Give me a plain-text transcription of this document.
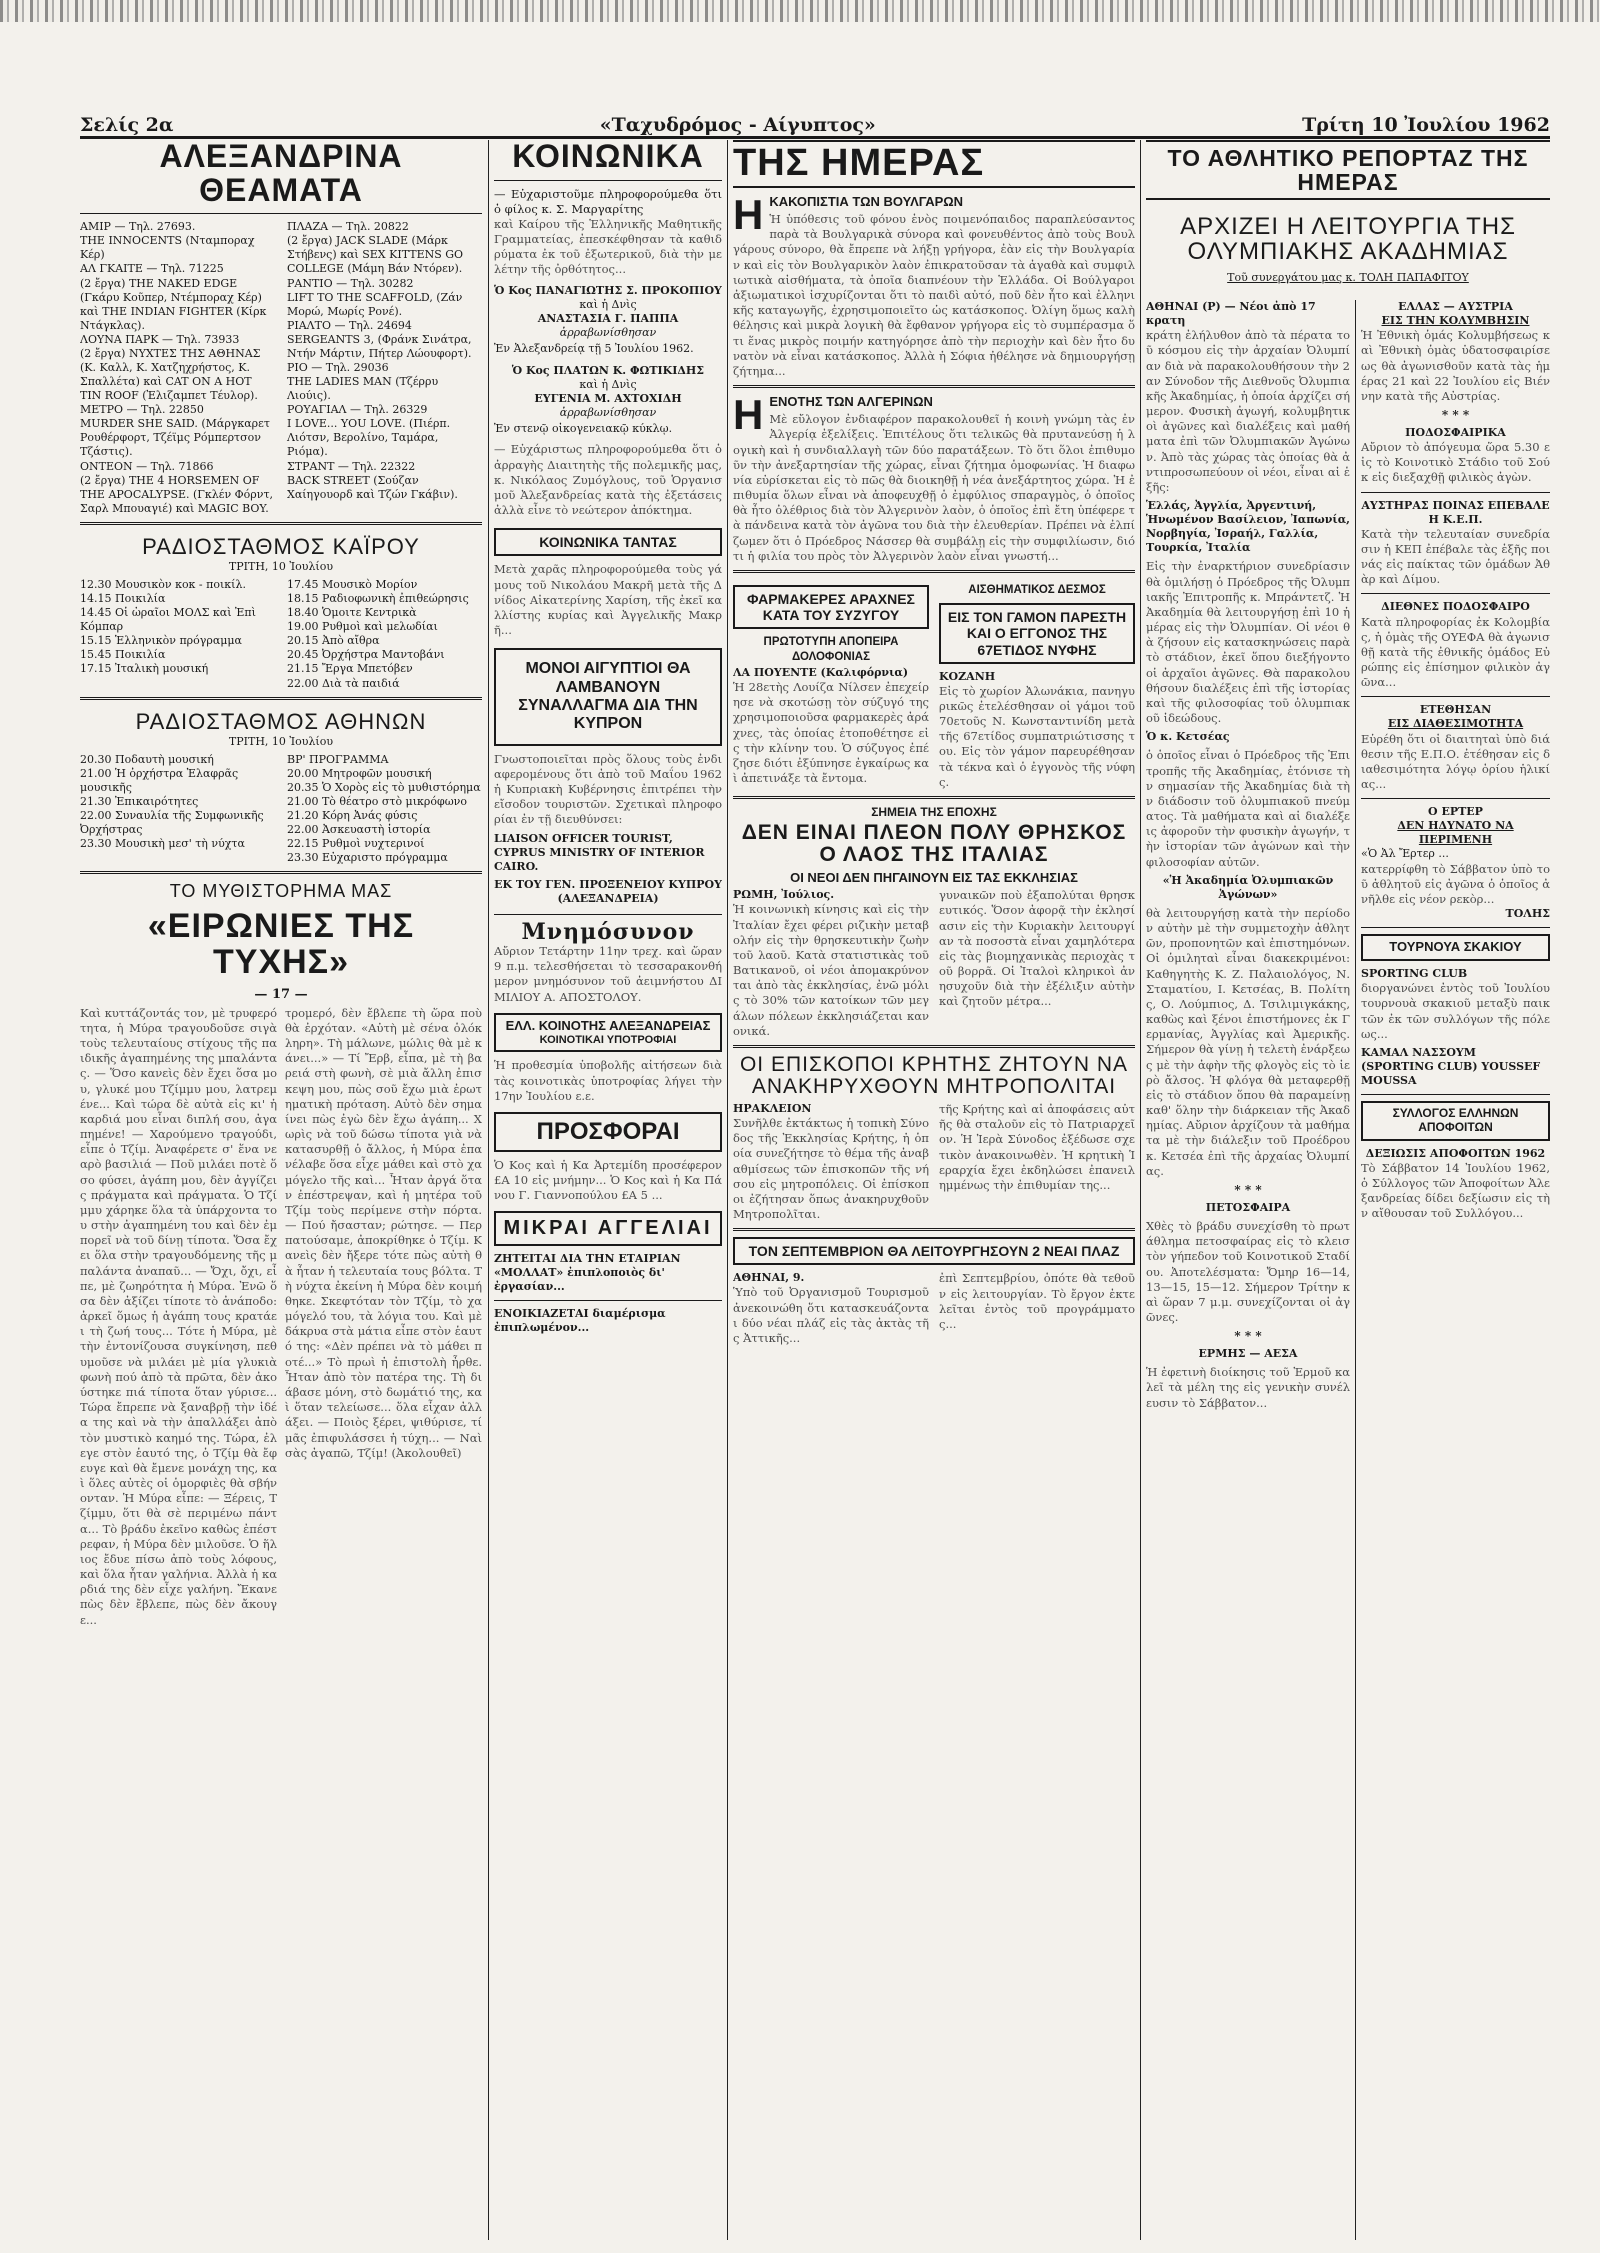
Σελίς 2α	«Ταχυδρόμος - Αίγυπτος»	Τρίτη 10 Ἰουλίου 1962
ΑΛΕΞΑΝΔΡΙΝΑ ΘΕΑΜΑΤΑ
ΑΜΙΡ — Τηλ. 27693.
THE INNOCENTS (Νταμποραχ Κέρ)
ΑΛ ΓΚΑΙΤΕ — Τηλ. 71225
(2 ἔργα) THE NAKED EDGE
(Γκάρυ Κοῦπερ, Ντέμποραχ Κέρ)
καὶ THE INDIAN FIGHTER (Κίρκ Ντάγκλας).
ΛΟΥΝΑ ΠΑΡΚ — Τηλ. 73933
(2 ἔργα) ΝΥΧΤΕΣ ΤΗΣ ΑΘΗΝΑΣ
(Κ. Καλλ, Κ. Χατζηχρήστος, Κ. Σπαλλέτα) καὶ CAT ON A HOT
TIN ROOF (Ἐλιζαμπετ Τέυλορ).
ΜΕΤΡΟ — Τηλ. 22850
MURDER SHE SAID. (Μάργκαρετ Ρουθέρφορτ, Τζέϊμς Ρόμπερτσον Τζάστις).
ΟΝΤΕΟΝ — Τηλ. 71866
(2 ἔργα) THE 4 HORSEMEN OF THE APOCALYPSE. (Γκλέν Φόρντ, Σαρλ Μπουαγιέ) καὶ MAGIC BOY.
ΠΛΑΖΑ — Τηλ. 20822
(2 ἔργα) JACK SLADE (Μάρκ Στήβενς) καὶ SEX KITTENS GO
COLLEGE (Μάμη Βάν Ντόρεν).
ΡΑΝΤΙΟ — Τηλ. 30282
LIFT TO THE SCAFFOLD, (Ζάν Μορώ, Μωρίς Ρονέ).
ΡΙΑΛΤΟ — Τηλ. 24694
SERGEANTS 3, (Φράνκ Σινάτρα, Ντήν Μάρτιν, Πήτερ Λώουφορτ).
ΡΙΟ — Τηλ. 29036
THE LADIES MAN (Τζέρρυ Λιούις).
ΡΟΥΑΓΙΑΛ — Τηλ. 26329
I LOVE... YOU LOVE. (Πιέρπ. Λιότσν, Βερολίνο, Ταμάρα, Ριόμα).
ΣΤΡΑΝΤ — Τηλ. 22322
BACK STREET (Σούζαν Χαίηγουορδ καὶ Τζών Γκάβιν).
ΡΑΔΙΟΣΤΑΘΜΟΣ ΚΑΪΡΟΥ
ΤΡΙΤΗ, 10 Ἰουλίου
12.30 Μουσικὸν κοκ - ποικίλ.
14.15 Ποικιλία
14.45 Οἱ ὡραῖοι ΜΟΛΣ καὶ Ἐπὶ Κόμπαρ
15.15 Ἑλληνικὸν πρόγραμμα
15.45 Ποικιλία
17.15 Ἰταλικὴ μουσική
17.45 Μουσικὸ Μορίον
18.15 Ραδιοφωνικὴ ἐπιθεώρησις
18.40 Ὁμοιτε Κεντρικὰ
19.00 Ρυθμοὶ καὶ μελωδίαι
20.15 Ἀπὸ αἴθρα
20.45 Ὀρχήστρα Μαντοβάνι
21.15 Ἔργα Μπετόβεν
22.00 Διὰ τὰ παιδιά
ΡΑΔΙΟΣΤΑΘΜΟΣ ΑΘΗΝΩΝ
ΤΡΙΤΗ, 10 Ἰουλίου
20.30 Ποδαυτὴ μουσική
21.00 Ἡ ὀρχήστρα Ἑλαφρᾶς μουσικῆς
21.30 Ἐπικαιρότητες
22.00 Συναυλία τῆς Συμφωνικῆς Ὀρχήστρας
23.30 Μουσικὴ μεσ' τὴ νύχτα
ΒΡ' ΠΡΟΓΡΑΜΜΑ
20.00 Μητροφῶν μουσική
20.35 Ὁ Χορὸς εἰς τὸ μυθιστόρημα
21.00 Τὸ θέατρο στὸ μικρόφωνο
21.20 Κόρη Ἀνάς φύσις
22.00 Ἀσκευαστὴ ἱστορία
22.15 Ρυθμοὶ νυχτερινοί
23.30 Εὐχαριστο πρόγραμμα
ΤΟ ΜΥΘΙΣΤΟΡΗΜΑ ΜΑΣ
«ΕΙΡΩΝΙΕΣ ΤΗΣ ΤΥΧΗΣ»
— 17 —
Καὶ κυττάζοντάς τον, μὲ τρυφερότητα, ἡ Μύρα τραγουδοῦσε σιγὰ τοὺς τελευταίους στίχους τῆς παιδικῆς ἀγαπημένης της μπαλάντας. — Ὅσο κανεὶς δὲν ἔχει ὅσα μου, γλυκέ μου Τζίμμυ μου, λατρεμένε... Καὶ τώρα δὲ αὐτὰ εἰς κι' ἡ καρδιά μου εἶναι διπλή σου, ἀγαπημένε! — Χαρούμενο τραγούδι, εἶπε ὁ Τζίμ. Ἀναφέρετε σ' ἕνα νεαρὸ βασιλιά — Ποῦ μιλάει ποτὲ ὅσο φύσει, ἀγάπη μου, δὲν ἀγγίζεις πράγματα καὶ πράγματα. Ὁ Τζίμμυ χάρηκε ὅλα τὰ ὑπάρχοντα του στὴν ἀγαπημένη του καὶ δὲν ἐμπορεῖ νὰ τοῦ δίνῃ τίποτα. Ὅσα ἔχει ὅλα στὴν τραγουδόμενης τῆς μπαλάντα ἀναπαῦ... — Ὄχι, ὄχι, εἶπε, μὲ ζωηρότητα ἡ Μύρα. Ἐνῶ ὅσα δὲν ἀξίζει τίποτε τὸ ἀνάποδο: ἀρκεῖ ὅμως ἡ ἀγάπη τους κρατάει τὴ ζωή τους... Τότε ἡ Μύρα, μὲ τὴν ἐντονίζουσα συγκίνηση, πεθυμοῦσε νὰ μιλάει μὲ μία γλυκιὰ φωνὴ πού ἀπὸ τὰ πρῶτα, δὲν ἀκούστηκε πιά τίποτα ὅταν γύρισε... Τώρα ἔπρεπε νὰ ξαναβρῇ τὴν ἰδέα της καὶ νὰ τὴν ἀπαλλάξει ἀπὸ τὸν μυστικὸ καημό της. Τώρα, ἐλεγε στὸν ἑαυτό της, ὁ Τζίμ θὰ ἔφευγε καὶ θὰ ἔμενε μονάχη της, καὶ ὅλες αὐτὲς οἱ ὁμορφιὲς θὰ σβήνονταν. Ἡ Μύρα εἶπε: — Ξέρεις, Τζίμμυ, ὅτι θὰ σὲ περιμένω πάντα... Τὸ βράδυ ἐκεῖνο καθὼς ἐπέστρεφαν, ἡ Μύρα δὲν μιλοῦσε. Ὁ ἥλιος ἔδυε πίσω ἀπὸ τοὺς λόφους, καὶ ὅλα ἦταν γαλήνια. Ἀλλὰ ἡ καρδιά της δὲν εἶχε γαλήνη. Ἔκανε πὼς δὲν ἔβλεπε, πὼς δὲν ἄκουγε...
τρομερό, δὲν ἔβλεπε τὴ ὥρα ποὺ θὰ ἐρχόταν. «Αὐτὴ μὲ σένα ὁλόκληρη». Τὴ μάλωνε, μώλις θὰ μὲ κάνει...» — Τί Ἔρβ, εἶπα, μὲ τὴ βαρειά στὴ φωνὴ, σὲ μιὰ ἄλλη ἐπισκεψη μου, πὼς σοῦ ἔχω μιὰ ἐρωτηματικὴ πρόταση. Αὐτὸ δὲν σημαίνει πὼς ἐγὼ δὲν ἔχω ἀγάπη... Χωρὶς νὰ τοῦ δώσω τίποτα γιὰ νὰ κατασυρθῇ ὁ ἄλλος, ἡ Μύρα ἐπανέλαβε ὅσα εἶχε μάθει καὶ στὸ χαμόγελο τῆς καὶ... Ἦταν ἀργά ὅταν ἐπέστρεψαν, καὶ ἡ μητέρα τοῦ Τζίμ τοὺς περίμενε στὴν πόρτα. — Πού ἤσασταν; ρώτησε. — Περπατούσαμε, ἀποκρίθηκε ὁ Τζίμ. Κανεὶς δὲν ἤξερε τότε πὼς αὐτὴ θὰ ἦταν ἡ τελευταία τους βόλτα. Τὴ νύχτα ἐκείνη ἡ Μύρα δὲν κοιμήθηκε. Σκεφτόταν τὸν Τζίμ, τὸ χαμόγελό του, τὰ λόγια του. Καὶ μὲ δάκρυα στὰ μάτια εἶπε στὸν ἑαυτό της: «Δὲν πρέπει νὰ τὸ μάθει ποτέ...» Τὸ πρωὶ ἡ ἐπιστολὴ ἦρθε. Ἦταν ἀπὸ τὸν πατέρα της. Τὴ διάβασε μόνη, στὸ δωμάτιό της, καὶ ὅταν τελείωσε... ὅλα εἶχαν ἀλλάξει. — Ποιὸς ξέρει, ψιθύρισε, τί μᾶς ἐπιφυλάσσει ἡ τύχη... — Ναὶ σὰς ἀγαπῶ, Τζίμ! (Ἀκολουθεῖ)
ΚΟΙΝΩΝΙΚΑ
— Εὐχαριστοῦμε πληροφορούμεθα ὅτι ὁ φίλος κ. Σ. Μαργαρίτης
καὶ Καίρου τῆς Ἑλληνικῆς Μαθητικῆς Γραμματείας, ἐπεσκέφθησαν τὰ καθιδρύματα ἐκ τοῦ ἐξωτερικοῦ, διὰ τὴν μελέτην τῆς ὀρθότητος...
Ὁ Κος ΠΑΝΑΓΙΩΤΗΣ Σ. ΠΡΟΚΟΠΙΟΥ
καὶ ἡ Δνὶς
ΑΝΑΣΤΑΣΙΑ Γ. ΠΑΠΠΑ
ἀρραβωνίσθησαν
Ἐν Ἀλεξανδρείᾳ τῇ 5 Ἰουλίου 1962.
Ὁ Κος ΠΛΑΤΩΝ Κ. ΦΩΤΙΚΙΔΗΣ
καὶ ἡ Δνὶς
ΕΥΓΕΝΙΑ Μ. ΑΧΤΟΧΙΔΗ
ἀρραβωνίσθησαν
Ἐν στενῷ οἰκογενειακῷ κύκλῳ.
— Εὐχάριστως πληροφορούμεθα ὅτι ὁ ἀρραγὴς Διαιτητὴς τῆς πολεμικῆς μας, κ. Νικόλαος Ζυμόγλους, τοῦ Ὁργανισμοῦ Ἀλεξανδρείας κατὰ τὴς ἐξετάσεις ἀλλὰ εἶνε τὸ νεώτερον ἀπόκτημα.
ΚΟΙΝΩΝΙΚΑ ΤΑΝΤΑΣ
Μετὰ χαρᾶς πληροφορούμεθα τοὺς γάμους τοῦ Νικολάου Μακρῆ μετὰ τῆς Δνίδος Αἰκατερίνης Χαρίση, τῆς ἐκεῖ καλλίστης κυρίας καὶ Ἀγγελικῆς Μακρῆ...
ΜΟΝΟΙ ΑΙΓΥΠΤΙΟΙ ΘΑ ΛΑΜΒΑΝΟΥΝ ΣΥΝΑΛΛΑΓΜΑ ΔΙΑ ΤΗΝ ΚΥΠΡΟΝ
Γνωστοποιεῖται πρὸς ὅλους τοὺς ἐνδιαφερομένους ὅτι ἀπὸ τοῦ Μαΐου 1962 ἡ Κυπριακὴ Κυβέρνησις ἐπιτρέπει τὴν εἴσοδον τουριστῶν. Σχετικαὶ πληροφορίαι ἐν τῇ διευθύνσει:
LIAISON OFFICER TOURIST, CYPRUS MINISTRY OF INTERIOR CAIRO.
ΕΚ ΤΟΥ ΓΕΝ. ΠΡΟΞΕΝΕΙΟΥ ΚΥΠΡΟΥ (ΑΛΕΞΑΝΔΡΕΙΑ)
Μνημόσυνον
Αὔριον Τετάρτην 11ην τρεχ. καὶ ὥραν 9 π.μ. τελεσθήσεται τὸ τεσσαρακονθήμερον μνημόσυνον τοῦ ἀειμνήστου ΔΙΜΙΛΙΟΥ Α. ΑΠΟΣΤΟΛΟΥ.
ΕΛΛ. ΚΟΙΝΟΤΗΣ ΑΛΕΞΑΝΔΡΕΙΑΣ
ΚΟΙΝΟΤΙΚΑΙ ΥΠΟΤΡΟΦΙΑΙ
Ἡ προθεσμία ὑποβολῆς αἰτήσεων διὰ τὰς κοινοτικὰς ὑποτροφίας λήγει τὴν 17ην Ἰουλίου ε.ε.
ΠΡΟΣΦΟΡΑΙ
Ὁ Κος καὶ ἡ Κα Ἀρτεμίδη προσέφερον £Α 10 εἰς μνήμην... Ὁ Κος καὶ ἡ Κα Πάνου Γ. Γιαννοπούλου £Α 5 ...
ΜΙΚΡΑΙ ΑΓΓΕΛΙΑΙ
ΖΗΤΕΙΤΑΙ ΔΙΑ ΤΗΝ ΕΤΑΙΡΙΑΝ «ΜΟΛΛΑΤ» ἐπιπλοποιὸς δι' ἐργασίαν...
ΕΝΟΙΚΙΑΖΕΤΑΙ διαμέρισμα ἐπιπλωμένον...
ΤΗΣ ΗΜΕΡΑΣ
Η ΚΑΚΟΠΙΣΤΙΑ ΤΩΝ ΒΟΥΛΓΑΡΩΝ
Ἡ ὑπόθεσις τοῦ φόνου ἑνὸς ποιμενόπαιδος παραπλεύσαντος παρὰ τὰ Βουλγαρικὰ σύνορα καὶ φονευθέντος ἀπὸ τοὺς Βουλγάρους σύνορο, θὰ ἔπρεπε νὰ λήξῃ γρήγορα, ἐὰν εἰς τὴν Βουλγαρίαν καὶ εἰς τὸν Βουλγαρικὸν λαὸν ἐπικρατοῦσαν τὰ ἀγαθὰ καὶ συμφιλιωτικὰ αἰσθήματα, τὰ ὁποῖα διαπνέουν τὴν Ἑλλάδα. Οἱ Βούλγαροι ἀξιωματικοὶ ἰσχυρίζονται ὅτι τὸ παιδὶ αὐτό, ποῦ δὲν ἦτο καὶ ἑλληνικῆς καταγωγῆς, ἐχρησιμοποιεῖτο ὡς κατάσκοπος. Ὀλίγη ὅμως καλὴ θέλησις καὶ μικρὰ λογικὴ θὰ ἔφθανον γρήγορα εἰς τὸ συμπέρασμα ὅτι ἕνας μικρὸς ποιμήν κατηγόρησε ἀπὸ τὴν περιοχὴν καὶ δὲν ἦτο δυνατὸν νὰ εἶναι κατάσκοπος. Ἀλλὰ ἡ Σόφια ἠθέλησε νὰ δημιουργήσῃ ζήτημα...
Η ΕΝΟΤΗΣ ΤΩΝ ΑΛΓΕΡΙΝΩΝ
Μὲ εὔλογον ἐνδιαφέρον παρακολουθεῖ ἡ κοινὴ γνώμη τὰς ἐν Ἀλγερίᾳ ἐξελίξεις. Ἐπιτέλους ὅτι τελικῶς θὰ πρυτανεύσῃ ἡ λογικὴ καὶ ἡ συνδιαλλαγὴ τῶν δύο παρατάξεων. Τὸ ὅτι ὅλοι ἐπιθυμοῦν τὴν ἀνεξαρτησίαν τῆς χώρας, εἶναι ζήτημα ὁμοφωνίας. Ἡ διαφωνία εὑρίσκεται εἰς τὸ πῶς θὰ διοικηθῇ ἡ νέα ἀνεξάρτητος χώρα. Ἡ ἐπιθυμία ὅλων εἶναι νὰ ἀποφευχθῇ ὁ ἐμφύλιος σπαραγμὸς, ὁ ὁποῖος θὰ ἦτο ὀλέθριος διὰ τὸν Ἀλγερινὸν λαὸν, ὁ ὁποῖος ἐπὶ ἔτη ὑπέφερε τὰ πάνδεινα κατὰ τὸν ἀγῶνα του διὰ τὴν ἐλευθερίαν. Πρέπει νὰ ἐλπίζωμεν ὅτι ὁ Πρόεδρος Νάσσερ θὰ συμβάλῃ εἰς τὴν συμφιλίωσιν, διότι ἡ φιλία του πρὸς τὸν Ἀλγερινὸν λαὸν εἶναι γνωστή...
ΦΑΡΜΑΚΕΡΕΣ ΑΡΑΧΝΕΣ ΚΑΤΑ ΤΟΥ ΣΥΖΥΓΟΥ
ΠΡΩΤΟΤΥΠΗ ΑΠΟΠΕΙΡΑ ΔΟΛΟΦΟΝΙΑΣ
ΛΑ ΠΟΥΕΝΤΕ (Καλιφόρνια)
Ἡ 28ετὴς Λουίζα Νίλσεν ἐπεχείρησε νὰ σκοτώσῃ τὸν σύζυγό της χρησιμοποιοῦσα φαρμακερὲς ἀράχνες, τὰς ὁποίας ἐτοποθέτησε εἰς τὴν κλίνην του. Ὁ σύζυγος ἐπέζησε διότι ἐξύπνησε ἐγκαίρως καὶ ἀπετινάξε τὰ ἔντομα.
ΑΙΣΘΗΜΑΤΙΚΟΣ ΔΕΣΜΟΣ
ΕΙΣ ΤΟΝ ΓΑΜΟΝ ΠΑΡΕΣΤΗ ΚΑΙ Ο ΕΓΓΟΝΟΣ ΤΗΣ 67ΕΤΙΔΟΣ ΝΥΦΗΣ
ΚΟΖΑΝΗ
Εἰς τὸ χωρίον Ἀλωνάκια, πανηγυρικῶς ἐτελέσθησαν οἱ γάμοι τοῦ 70ετοῦς Ν. Κωνσταντινίδη μετὰ τῆς 67ετίδος συμπατριώτισσης του. Εἰς τὸν γάμον παρευρέθησαν τὰ τέκνα καὶ ὁ ἐγγονὸς τῆς νύφης.
ΣΗΜΕΙΑ ΤΗΣ ΕΠΟΧΗΣ
ΔΕΝ ΕΙΝΑΙ ΠΛΕΟΝ ΠΟΛΥ ΘΡΗΣΚΟΣ Ο ΛΑΟΣ ΤΗΣ ΙΤΑΛΙΑΣ
ΟΙ ΝΕΟΙ ΔΕΝ ΠΗΓΑΙΝΟΥΝ ΕΙΣ ΤΑΣ ΕΚΚΛΗΣΙΑΣ
ΡΩΜΗ, Ἰούλιος.
Ἡ κοινωνικὴ κίνησις καὶ εἰς τὴν Ἰταλίαν ἔχει φέρει ριζικὴν μεταβολήν εἰς τὴν θρησκευτικὴν ζωὴν τοῦ λαοῦ. Κατὰ στατιστικὰς τοῦ Βατικανοῦ, οἱ νέοι ἀπομακρύνονται ἀπὸ τὰς ἐκκλησίας, ἐνῶ μόλις τὸ 30% τῶν κατοίκων τῶν μεγάλων πόλεων ἐκκλησιάζεται κανονικά.
γυναικῶν ποὺ ἐξαπολύται θρησκευτικός. Ὅσον ἀφορᾷ τὴν ἐκλησίασιν εἰς τὴν Κυριακὴν λειτουργίαν τὰ ποσοστὰ εἶναι χαμηλότερα εἰς τὰς βιομηχανικὰς περιοχὰς τοῦ βορρᾶ. Οἱ Ἰταλοὶ κληρικοὶ ἀνησυχοῦν διὰ τὴν ἐξέλιξιν αὐτὴν καὶ ζητοῦν μέτρα...
ΟΙ ΕΠΙΣΚΟΠΟΙ ΚΡΗΤΗΣ ΖΗΤΟΥΝ ΝΑ ΑΝΑΚΗΡΥΧΘΟΥΝ ΜΗΤΡΟΠΟΛΙΤΑΙ
ΗΡΑΚΛΕΙΟΝ
Συνῆλθε ἐκτάκτως ἡ τοπικὴ Σύνοδος τῆς Ἐκκλησίας Κρήτης, ἡ ὁποία συνεζήτησε τὸ θέμα τῆς ἀναβαθμίσεως τῶν ἐπισκοπῶν τῆς νήσου εἰς μητροπόλεις. Οἱ ἐπίσκοποι ἐζήτησαν ὅπως ἀνακηρυχθοῦν Μητροπολῖται.
τῆς Κρήτης καὶ αἱ ἀποφάσεις αὐτῆς θὰ σταλοῦν εἰς τὸ Πατριαρχεῖον. Ἡ Ἱερὰ Σύνοδος ἐξέδωσε σχετικὸν ἀνακοινωθὲν. Ἡ κρητικὴ Ἱεραρχία ἔχει ἐκδηλώσει ἐπανειλημμένως τὴν ἐπιθυμίαν της...
ΤΟΝ ΣΕΠΤΕΜΒΡΙΟΝ ΘΑ ΛΕΙΤΟΥΡΓΗΣΟΥΝ 2 ΝΕΑΙ ΠΛΑΖ
ΑΘΗΝΑΙ, 9.
Ὑπὸ τοῦ Ὀργανισμοῦ Τουρισμοῦ ἀνεκοινώθη ὅτι κατασκευάζονται δύο νέαι πλάζ εἰς τὰς ἀκτὰς τῆς Ἀττικῆς...
ἐπὶ Σεπτεμβρίου, ὁπότε θὰ τεθοῦν εἰς λειτουργίαν. Τὸ ἔργον ἐκτελεῖται ἐντὸς τοῦ προγράμματος...
ΤΟ ΑΘΛΗΤΙΚΟ ΡΕΠΟΡΤΑΖ ΤΗΣ ΗΜΕΡΑΣ
ΑΡΧΙΖΕΙ Η ΛΕΙΤΟΥΡΓΙΑ ΤΗΣ ΟΛΥΜΠΙΑΚΗΣ ΑΚΑΔΗΜΙΑΣ
Τοῦ συνεργάτου μας κ. ΤΟΛΗ ΠΑΠΑΦΙΤΟΥ
ΑΘΗΝΑΙ (Ρ) — Νέοι ἀπὸ 17 κρατη
κράτη ἐλήλυθον ἀπὸ τὰ πέρατα τοῦ κόσμου εἰς τὴν ἀρχαίαν Ὀλυμπίαν διὰ νὰ παρακολουθήσουν τὴν 2αν Σύνοδον τῆς Διεθνοῦς Ὀλυμπιακῆς Ἀκαδημίας, ἡ ὁποία ἀρχίζει σήμερον. Φυσικὴ ἀγωγή, κολυμβητικοὶ ἀγῶνες καὶ διαλέξεις καὶ μαθήματα ἐπὶ τῶν Ὀλυμπιακῶν Ἀγώνων. Ἀπὸ τὰς χώρας τὰς ὁποίας θὰ ἀντιπροσωπεύουν οἱ νέοι, εἶναι αἱ ἑξῆς:
Ἑλλάς, Ἀγγλία, Ἀργεντινή, Ἡνωμένον Βασίλειον, Ἰαπωνία, Νορβηγία, Ἰσραήλ, Γαλλία, Τουρκία, Ἰταλία
Εἰς τὴν ἐναρκτήριον συνεδρίασιν θὰ ὁμιλήσῃ ὁ Πρόεδρος τῆς Ὀλυμπιακῆς Ἐπιτροπῆς κ. Μπράντετζ. Ἡ Ἀκαδημία θὰ λειτουργήσῃ ἐπὶ 10 ἡμέρας εἰς τὴν Ὀλυμπίαν. Οἱ νέοι θὰ ζήσουν εἰς κατασκηνώσεις παρὰ τὸ στάδιον, ἐκεῖ ὅπου διεξήγοντο οἱ ἀρχαῖοι ἀγῶνες. Θὰ παρακολουθήσουν διαλέξεις ἐπὶ τῆς ἱστορίας καὶ τῆς φιλοσοφίας τοῦ ὀλυμπιακοῦ ἰδεώδους.
Ὁ κ. Κετσέας
ὁ ὁποῖος εἶναι ὁ Πρόεδρος τῆς Ἐπιτροπῆς τῆς Ἀκαδημίας, ἐτόνισε τὴν σημασίαν τῆς Ἀκαδημίας διὰ τὴν διάδοσιν τοῦ ὀλυμπιακοῦ πνεύματος. Τὰ μαθήματα καὶ αἱ διαλέξεις ἀφοροῦν τὴν φυσικὴν ἀγωγήν, τὴν ἱστορίαν τῶν ἀγώνων καὶ τὴν φιλοσοφίαν αὐτῶν.
«Ἡ Ἀκαδημία Ὀλυμπιακῶν Ἀγώνων»
θὰ λειτουργήσῃ κατὰ τὴν περίοδον αὐτὴν μὲ τὴν συμμετοχὴν ἀθλητῶν, προπονητῶν καὶ ἐπιστημόνων. Οἱ ὁμιληταὶ εἶναι διακεκριμένοι: Καθηγητὴς Κ. Ζ. Παλαιολόγος, Ν. Σταματίου, Ι. Κετσέας, Β. Πολίτης, Ο. Λούμπιος, Δ. Τσιλιμιγκάκης, καθὼς καὶ ξένοι ἐπιστήμονες ἐκ Γερμανίας, Ἀγγλίας καὶ Ἀμερικῆς. Σήμερον θὰ γίνῃ ἡ τελετὴ ἐνάρξεως μὲ τὴν ἀφὴν τῆς φλογὸς εἰς τὸ ἱερὸ ἄλσος. Ἡ φλόγα θὰ μεταφερθῇ εἰς τὸ στάδιον ὅπου θὰ παραμείνῃ καθ' ὅλην τὴν διάρκειαν τῆς Ἀκαδημίας. Αὔριον ἀρχίζουν τὰ μαθήματα μὲ τὴν διάλεξιν τοῦ Προέδρου κ. Κετσέα ἐπὶ τῆς ἀρχαίας Ὀλυμπίας.
* * *
ΠΕΤΟΣΦΑΙΡΑ
Χθὲς τὸ βράδυ συνεχίσθη τὸ πρωτάθλημα πετοσφαίρας εἰς τὸ κλειστὸν γήπεδον τοῦ Κοινοτικοῦ Σταδίου. Ἀποτελέσματα: Ὄμηρ 16—14, 13—15, 15—12. Σήμερον Τρίτην καὶ ὥραν 7 μ.μ. συνεχίζονται οἱ ἀγῶνες.
* * *
ΕΡΜΗΣ — ΑΕΣΑ
Ἡ ἐφετινὴ διοίκησις τοῦ Ἑρμοῦ καλεῖ τὰ μέλη της εἰς γενικὴν συνέλευσιν τὸ Σάββατον...
ΕΛΛΑΣ — ΑΥΣΤΡΙΑ
ΕΙΣ ΤΗΝ ΚΟΛΥΜΒΗΣΙΝ
Ἡ Ἐθνικὴ ὁμάς Κολυμβήσεως καὶ Ἐθνικὴ ὁμὰς ὑδατοσφαιρίσεως θὰ ἀγωνισθοῦν κατὰ τὰς ἡμέρας 21 καὶ 22 Ἰουλίου εἰς Βιέννην κατὰ τῆς Αὐστρίας.
* * *
ΠΟΔΟΣΦΑΙΡΙΚΑ
Αὔριον τὸ ἀπόγευμα ὥρα 5.30 εἰς τὸ Κοινοτικὸ Στάδιο τοῦ Σούκ εἰς διεξαχθῇ φιλικὸς ἀγὼν.
ΑΥΣΤΗΡΑΣ ΠΟΙΝΑΣ ΕΠΕΒΑΛΕ Η Κ.Ε.Π.
Κατὰ τὴν τελευταίαν συνεδρίασιν ἡ ΚΕΠ ἐπέβαλε τὰς ἑξῆς ποινάς εἰς παίκτας τῶν ὁμάδων Ἀθὰρ καὶ Δίμου.
ΔΙΕΘΝΕΣ ΠΟΔΟΣΦΑΙΡΟ
Κατὰ πληροφορίας ἐκ Κολομβίας, ἡ ὁμὰς τῆς ΟΥΕΦΑ θὰ ἀγωνισθῇ κατὰ τῆς ἐθνικῆς ὁμάδος Εὐρώπης εἰς ἐπίσημον φιλικὸν ἀγῶνα...
ΕΤΕΘΗΣΑΝ
ΕΙΣ ΔΙΑΘΕΣΙΜΟΤΗΤΑ
Εὑρέθη ὅτι οἱ διαιτηταὶ ὑπὸ διάθεσιν τῆς Ε.Π.Ο. ἐτέθησαν εἰς διαθεσιμότητα λόγῳ ὁρίου ἡλικίας...
Ο ΕΡΤΕΡ
ΔΕΝ ΗΔΥΝΑΤΟ ΝΑ ΠΕΡΙΜΕΝΗ
«Ὁ Ἀλ Ἔρτερ ...
κατερρίφθη τὸ Σάββατον ὑπὸ τοῦ ἀθλητοῦ εἰς ἀγῶνα ὁ ὁποῖος ἀνῆλθε εἰς νέον ρεκὸρ...
ΤΟΛΗΣ
ΤΟΥΡΝΟΥΑ ΣΚΑΚΙΟΥ
SPORTING CLUB
διοργανώνει ἐντὸς τοῦ Ἰουλίου τουρνουὰ σκακιοῦ μεταξὺ παικτῶν ἐκ τῶν συλλόγων τῆς πόλεως...
ΚΑΜΑΛ ΝΑΣΣΟΥΜ (SPORTING CLUB) ΥΟUSSEF ΜΟUSSA
ΣΥΛΛΟΓΟΣ ΕΛΛΗΝΩΝ ΑΠΟΦΟΙΤΩΝ
ΔΕΞΙΩΣΙΣ ΑΠΟΦΟΙΤΩΝ 1962
Τὸ Σάββατον 14 Ἰουλίου 1962, ὁ Σύλλογος τῶν Ἀποφοίτων Ἀλεξανδρείας δίδει δεξίωσιν εἰς τὴν αἴθουσαν τοῦ Συλλόγου...
